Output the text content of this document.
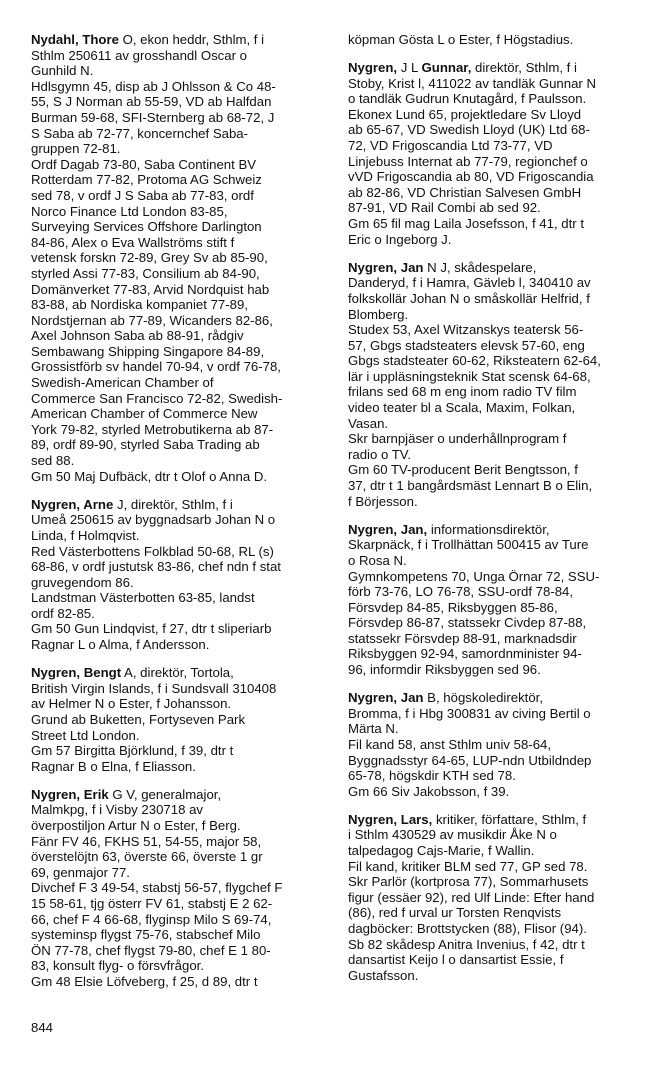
Nydahl, Thore O, ekon heddr, Sthlm, f i
Sthlm 250611 av grosshandl Oscar o
Gunhild N.
Hdlsgymn 45, disp ab J Ohlsson & Co 48-
55, S J Norman ab 55-59, VD ab Halfdan
Burman 59-68, SFI-Sternberg ab 68-72, J
S Saba ab 72-77, koncernchef Saba-
gruppen 72-81.
Ordf Dagab 73-80, Saba Continent BV
Rotterdam 77-82, Protoma AG Schweiz
sed 78, v ordf J S Saba ab 77-83, ordf
Norco Finance Ltd London 83-85,
Surveying Services Offshore Darlington
84-86, Alex o Eva Wallströms stift f
vetensk forskn 72-89, Grey Sv ab 85-90,
styrled Assi 77-83, Consilium ab 84-90,
Domänverket 77-83, Arvid Nordquist hab
83-88, ab Nordiska kompaniet 77-89,
Nordstjernan ab 77-89, Wicanders 82-86,
Axel Johnson Saba ab 88-91, rådgiv
Sembawang Shipping Singapore 84-89,
Grossistförb sv handel 70-94, v ordf 76-78,
Swedish-American Chamber of
Commerce San Francisco 72-82, Swedish-
American Chamber of Commerce New
York 79-82, styrled Metrobutikerna ab 87-
89, ordf 89-90, styrled Saba Trading ab
sed 88.
Gm 50 Maj Dufbäck, dtr t Olof o Anna D.
Nygren, Arne J, direktör, Sthlm, f i
Umeå 250615 av byggnadsarb Johan N o
Linda, f Holmqvist.
Red Västerbottens Folkblad 50-68, RL (s)
68-86, v ordf justutsk 83-86, chef ndn f stat
gruvegendom 86.
Landstman Västerbotten 63-85, landst
ordf 82-85.
Gm 50 Gun Lindqvist, f 27, dtr t sliperiarb
Ragnar L o Alma, f Andersson.
Nygren, Bengt A, direktör, Tortola,
British Virgin Islands, f i Sundsvall 310408
av Helmer N o Ester, f Johansson.
Grund ab Buketten, Fortyseven Park
Street Ltd London.
Gm 57 Birgitta Björklund, f 39, dtr t
Ragnar B o Elna, f Eliasson.
Nygren, Erik G V, generalmajor,
Malmkpg, f i Visby 230718 av
överpostiljon Artur N o Ester, f Berg.
Fänr FV 46, FKHS 51, 54-55, major 58,
överstelöjtn 63, överste 66, överste 1 gr
69, genmajor 77.
Divchef F 3 49-54, stabstj 56-57, flygchef F
15 58-61, tjg österr FV 61, stabstj E 2 62-
66, chef F 4 66-68, flyginsp Milo S 69-74,
systeminsp flygst 75-76, stabschef Milo
ÖN 77-78, chef flygst 79-80, chef E 1 80-
83, konsult flyg- o försvfrågor.
Gm 48 Elsie Löfveberg, f 25, d 89, dtr t
köpman Gösta L o Ester, f Högstadius.
Nygren, J L Gunnar, direktör, Sthlm, f i
Stoby, Krist l, 411022 av tandläk Gunnar N
o tandläk Gudrun Knutagård, f Paulsson.
Ekonex Lund 65, projektledare Sv Lloyd
ab 65-67, VD Swedish Lloyd (UK) Ltd 68-
72, VD Frigoscandia Ltd 73-77, VD
Linjebuss Internat ab 77-79, regionchef o
vVD Frigoscandia ab 80, VD Frigoscandia
ab 82-86, VD Christian Salvesen GmbH
87-91, VD Rail Combi ab sed 92.
Gm 65 fil mag Laila Josefsson, f 41, dtr t
Eric o Ingeborg J.
Nygren, Jan N J, skådespelare,
Danderyd, f i Hamra, Gävleb l, 340410 av
folkskollär Johan N o småskollär Helfrid, f
Blomberg.
Studex 53, Axel Witzanskys teatersk 56-
57, Gbgs stadsteaters elevsk 57-60, eng
Gbgs stadsteater 60-62, Riksteatern 62-64,
lär i uppläsningsteknik Stat scensk 64-68,
frilans sed 68 m eng inom radio TV film
video teater bl a Scala, Maxim, Folkan,
Vasan.
Skr barnpjäser o underhållnprogram f
radio o TV.
Gm 60 TV-producent Berit Bengtsson, f
37, dtr t 1 bangårdsmäst Lennart B o Elin,
f Börjesson.
Nygren, Jan, informationsdirektör,
Skarpnäck, f i Trollhättan 500415 av Ture
o Rosa N.
Gymnkompetens 70, Unga Örnar 72, SSU-
förb 73-76, LO 76-78, SSU-ordf 78-84,
Försvdep 84-85, Riksbyggen 85-86,
Försvdep 86-87, statssekr Civdep 87-88,
statssekr Försvdep 88-91, marknadsdir
Riksbyggen 92-94, samordnminister 94-
96, informdir Riksbyggen sed 96.
Nygren, Jan B, högskoledirektör,
Bromma, f i Hbg 300831 av civing Bertil o
Märta N.
Fil kand 58, anst Sthlm univ 58-64,
Byggnadsstyr 64-65, LUP-ndn Utbildndep
65-78, högskdir KTH sed 78.
Gm 66 Siv Jakobsson, f 39.
Nygren, Lars, kritiker, författare, Sthlm, f
i Sthlm 430529 av musikdir Åke N o
talpedagog Cajs-Marie, f Wallin.
Fil kand, kritiker BLM sed 77, GP sed 78.
Skr Parlör (kortprosa 77), Sommarhusets
figur (essäer 92), red Ulf Linde: Efter hand
(86), red f urval ur Torsten Renqvists
dagböcker: Brottstycken (88), Flisor (94).
Sb 82 skådesp Anitra Invenius, f 42, dtr t
dansartist Keijo l o dansartist Essie, f
Gustafsson.
844
